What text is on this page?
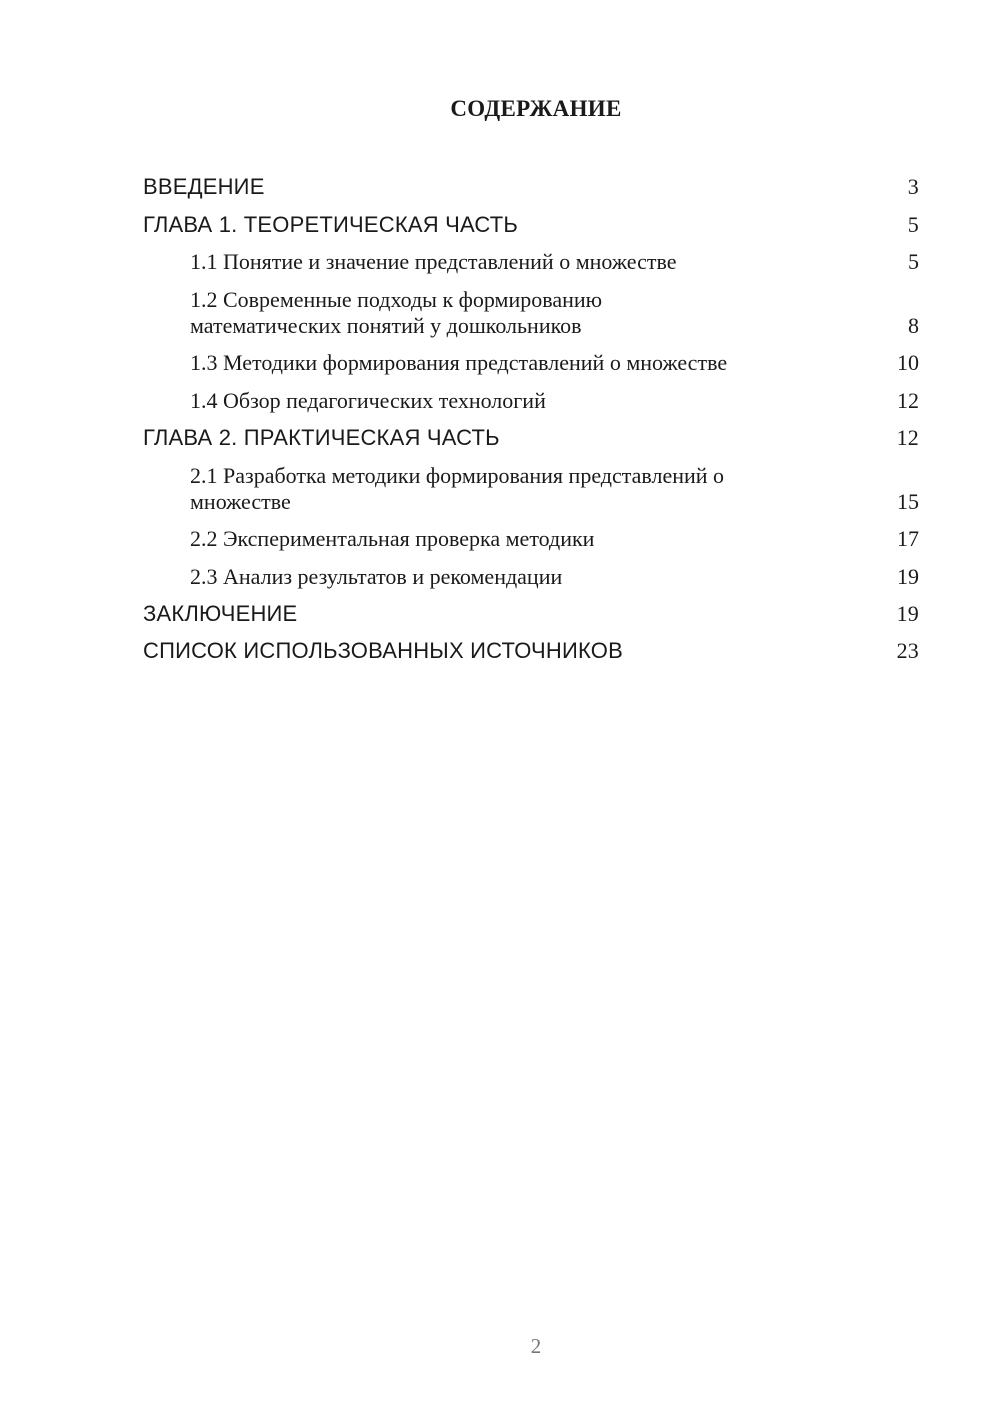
СОДЕРЖАНИЕ
ВВЕДЕНИЕ	3
ГЛАВА 1. ТЕОРЕТИЧЕСКАЯ ЧАСТЬ	5
1.1 Понятие и значение представлений о множестве	5
1.2 Современные подходы к формированию математических понятий у дошкольников	8
1.3 Методики формирования представлений о множестве	10
1.4 Обзор педагогических технологий	12
ГЛАВА 2. ПРАКТИЧЕСКАЯ ЧАСТЬ	12
2.1 Разработка методики формирования представлений о множестве	15
2.2 Экспериментальная проверка методики	17
2.3 Анализ результатов и рекомендации	19
ЗАКЛЮЧЕНИЕ	19
СПИСОК ИСПОЛЬЗОВАННЫХ ИСТОЧНИКОВ	23
2
